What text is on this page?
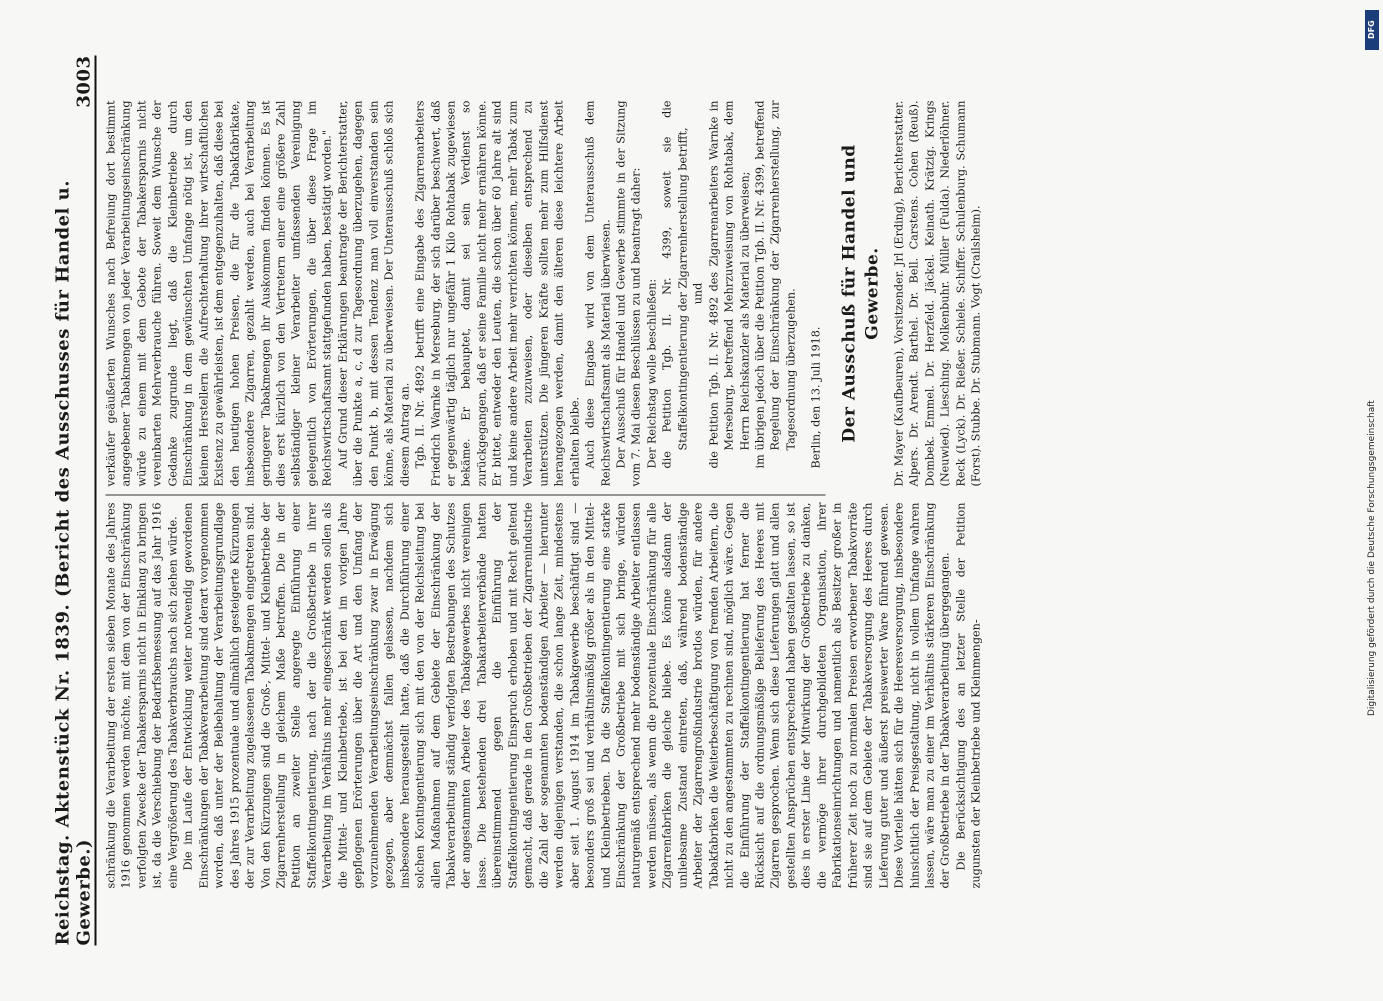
Reichstag. Aktenstück Nr. 1839. (Bericht des Ausschusses für Handel u. Gewerbe.)
3003

schränkung die Verarbeitung der ersten sieben Monate des Jahres 1916 genommen werden möchte, mit dem von der Einschränkung verfolgten Zwecke der Tabakersparnis nicht in Einklang zu bringen ist, da die Verschiebung der Bedarfsbemessung auf das Jahr 1916 eine Vergrößerung des Tabakverbrauchs nach sich ziehen würde. Die im Laufe der Entwicklung weiter notwendig gewordenen Einschränkungen der Tabakverarbeitung sind derart vorgenommen worden, daß unter der Beibehaltung der Verarbeitungsgrundlage des Jahres 1915 prozentuale und allmählich gesteigerte Kürzungen der zur Verarbeitung zugelassenen Tabakmengen eingetreten sind. Von den Kürzungen sind die Groß-, Mittel- und Kleinbetriebe der Zigarrenherstellung in gleichem Maße betroffen. Die in der Petition an zweiter Stelle angeregte Einführung einer Staffelkontingentierung, nach der die Großbetriebe in ihrer Verarbeitung im Verhältnis mehr eingeschränkt werden sollen als die Mittel- und Kleinbetriebe, ist bei den im vorigen Jahre gepflogenen Erörterungen über die Art und den Umfang der vorzunehmenden Verarbeitungseinschränkung zwar in Erwägung gezogen, aber demnächst fallen gelassen, nachdem sich insbesondere herausgestellt hatte, daß die Durchführung einer solchen Kontingentierung sich mit den von der Reichsleitung bei allen Maßnahmen auf dem Gebiete der Einschränkung der Tabakverarbeitung ständig verfolgten Bestrebungen des Schutzes der angestammten Arbeiter des Tabakgewerbes nicht vereinigen lasse. Die bestehenden drei Tabakarbeiterverbände hatten übereinstimmend gegen die Einführung der Staffelkontingentierung Einspruch erhoben und mit Recht geltend gemacht, daß gerade in den Großbetrieben der Zigarrenindustrie die Zahl der sogenannten bodenständigen Arbeiter — hierunter werden diejenigen verstanden, die schon lange Zeit, mindestens aber seit 1. August 1914 im Tabakgewerbe beschäftigt sind — besonders groß sei und verhältnismäßig größer als in den Mittel- und Kleinbetrieben. Da die Staffelkontingentierung eine starke Einschränkung der Großbetriebe mit sich bringe, würden naturgemäß entsprechend mehr bodenständige Arbeiter entlassen werden müssen, als wenn die prozentuale Einschränkung für alle Zigarrenfabriken die gleiche bliebe. Es könne alsdann der unliebsame Zustand eintreten, daß, während bodenständige Arbeiter der Zigarrengroßindustrie brotlos würden, für andere Tabakfabriken die Weiterbeschäftigung von fremden Arbeitern, die nicht zu den angestammten zu rechnen sind, möglich wäre. Gegen die Einführung der Staffelkontingentierung hat ferner die Rücksicht auf die ordnungsmäßige Belieferung des Heeres mit Zigarren gesprochen. Wenn sich diese Lieferungen glatt und allen gestellten Ansprüchen entsprechend haben gestalten lassen, so ist dies in erster Linie der Mitwirkung der Großbetriebe zu danken, die vermöge ihrer durchgebildeten Organisation, ihrer Fabrikationseinrichtungen und namentlich als Besitzer großer in früherer Zeit noch zu normalen Preisen erworbener Tabakvorräte sind sie auf dem Gebiete der Tabakversorgung des Heeres durch Lieferung guter und äußerst preiswerter Ware führend gewesen. Diese Vorteile hätten sich für die Heeresversorgung, insbesondere hinsichtlich der Preisgestaltung, nicht in vollem Umfange wahren lassen, wäre man zu einer im Verhältnis stärkeren Einschränkung der Großbetriebe in der Tabakverarbeitung übergegangen. Die Berücksichtigung des an letzter Stelle der Petition zugunsten der Kleinbetriebe und Kleinmengen-

verkäufer geäußerten Wunsches nach Befreiung dort bestimmt angegebener Tabakmengen von jeder Verarbeitungseinschränkung würde zu einem mit dem Gebote der Tabakersparnis nicht vereinbarten Mehrverbrauche führen. Soweit dem Wunsche der Gedanke zugrunde liegt, daß die Kleinbetriebe durch Einschränkung in dem gewünschten Umfange nötig ist, um den kleinen Herstellern die Aufrechterhaltung ihrer wirtschaftlichen Existenz zu gewährleisten, ist dem entgegenzuhalten, daß diese bei den heutigen hohen Preisen, die für die Tabakfabrikate, insbesondere Zigarren, gezahlt werden, auch bei Verarbeitung geringerer Tabakmengen ihr Auskommen finden können. Es ist dies erst kürzlich von den Vertretern einer eine größere Zahl selbständiger kleiner Verarbeiter umfassenden Vereinigung gelegentlich von Erörterungen, die über diese Frage im Reichswirtschaftsamt stattgefunden haben, bestätigt worden." Auf Grund dieser Erklärungen beantragte der Berichterstatter, über die Punkte a, c, d zur Tagesordnung überzugehen, dagegen den Punkt b, mit dessen Tendenz man voll einverstanden sein könne, als Material zu überweisen. Der Unterausschuß schloß sich diesem Antrag an. Tgb. II. Nr. 4892 betrifft eine Eingabe des Zigarrenarbeiters Friedrich Warnke in Merseburg, der sich darüber beschwert, daß er gegenwärtig täglich nur ungefähr 1 Kilo Rohtabak zugewiesen bekäme. Er behauptet, damit sei sein Verdienst so zurückgegangen, daß er seine Familie nicht mehr ernähren könne. Er bittet, entweder den Leuten, die schon über 60 Jahre alt sind und keine andere Arbeit mehr verrichten können, mehr Tabak zum Verarbeiten zuzuweisen, oder dieselben entsprechend zu unterstützen. Die jüngeren Kräfte sollten mehr zum Hilfsdienst herangezogen werden, damit den älteren diese leichtere Arbeit erhalten bleibe. Auch diese Eingabe wird von dem Unterausschuß dem Reichswirtschaftsamt als Material überwiesen. Der Ausschuß für Handel und Gewerbe stimmte in der Sitzung vom 7. Mai diesen Beschlüssen zu und beantragt daher: Der Reichstag wolle beschließen: die Petition Tgb. II. Nr. 4399, soweit sie die Staffelkontingentierung der Zigarrenherstellung betrifft, und die Petition Tgb. II. Nr. 4892 des Zigarrenarbeiters Warnke in Merseburg, betreffend Mehrzuweisung von Rohtabak, dem Herrn Reichskanzler als Material zu überweisen; im übrigen jedoch über die Petition Tgb. II. Nr. 4399, betreffend Regelung der Einschränkung der Zigarrenherstellung, zur Tagesordnung überzugehen. Berlin, den 13. Juli 1918. Der Ausschuß für Handel und Gewerbe. Dr. Mayer (Kaufbeuren), Vorsitzender. Jrl (Erding), Berichterstatter. Alpers. Dr. Arendt. Barthel. Dr. Bell. Carstens. Cohen (Reuß). Dombek. Emmel. Dr. Herzfeld. Jäckel. Keinath. Krätzig. Krings (Neuwied). Liesching. Molkenbuhr. Müller (Fulda). Niederlöhner. Reck (Lyck). Dr. Rießer. Schiele. Schiffer. Schulenburg. Schumann (Forst). Stubbe. Dr. Stubmann. Vogt (Crailsheim).

DFG
Digitalisierung gefördert durch die Deutsche Forschungsgemeinschaft
